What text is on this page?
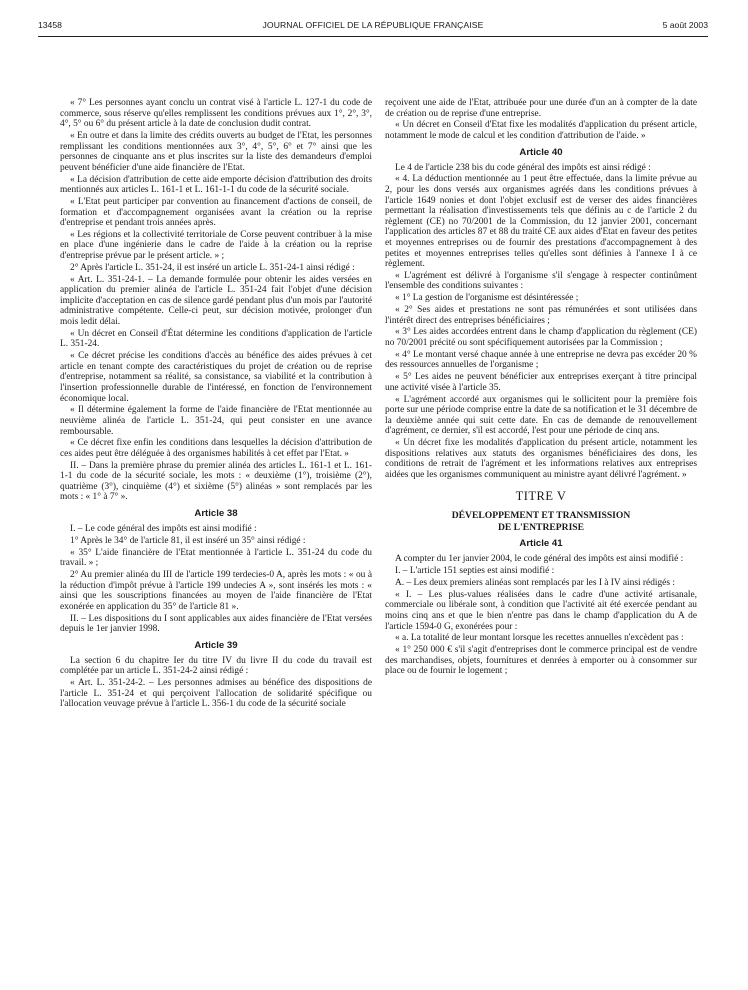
13458	JOURNAL OFFICIEL DE LA RÉPUBLIQUE FRANÇAISE	5 août 2003

« 7° Les personnes ayant conclu un contrat visé à l'article L. 127-1 du code de commerce, sous réserve qu'elles remplissent les conditions prévues aux 1°, 2°, 3°, 4°, 5° ou 6° du présent article à la date de conclusion dudit contrat.

« En outre et dans la limite des crédits ouverts au budget de l'Etat, les personnes remplissant les conditions mentionnées aux 3°, 4°, 5°, 6° et 7° ainsi que les personnes de cinquante ans et plus inscrites sur la liste des demandeurs d'emploi peuvent bénéficier d'une aide financière de l'Etat.

« La décision d'attribution de cette aide emporte décision d'attribution des droits mentionnés aux articles L. 161-1 et L. 161-1-1 du code de la sécurité sociale.

« L'Etat peut participer par convention au financement d'actions de conseil, de formation et d'accompagnement organisées avant la création ou la reprise d'entreprise et pendant trois années après.

« Les régions et la collectivité territoriale de Corse peuvent contribuer à la mise en place d'une ingénierie dans le cadre de l'aide à la création ou la reprise d'entreprise prévue par le présent article. » ;

2° Après l'article L. 351-24, il est inséré un article L. 351-24-1 ainsi rédigé :

« Art. L. 351-24-1. – La demande formulée pour obtenir les aides versées en application du premier alinéa de l'article L. 351-24 fait l'objet d'une décision implicite d'acceptation en cas de silence gardé pendant plus d'un mois par l'autorité administrative compétente. Celle-ci peut, sur décision motivée, prolonger d'un mois ledit délai.

« Un décret en Conseil d'État détermine les conditions d'application de l'article L. 351-24.

« Ce décret précise les conditions d'accès au bénéfice des aides prévues à cet article en tenant compte des caractéristiques du projet de création ou de reprise d'entreprise, notamment sa réalité, sa consistance, sa viabilité et la contribution à l'insertion professionnelle durable de l'intéressé, en fonction de l'environnement économique local.

« Il détermine également la forme de l'aide financière de l'Etat mentionnée au neuvième alinéa de l'article L. 351-24, qui peut consister en une avance remboursable.

« Ce décret fixe enfin les conditions dans lesquelles la décision d'attribution de ces aides peut être déléguée à des organismes habilités à cet effet par l'Etat. »

II. – Dans la première phrase du premier alinéa des articles L. 161-1 et L. 161-1-1 du code de la sécurité sociale, les mots : « deuxième (1°), troisième (2°), quatrième (3°), cinquième (4°) et sixième (5°) alinéas » sont remplacés par les mots : « 1° à 7° ».

Article 38

I. – Le code général des impôts est ainsi modifié :

1° Après le 34° de l'article 81, il est inséré un 35° ainsi rédigé :

« 35° L'aide financière de l'Etat mentionnée à l'article L. 351-24 du code du travail. » ;

2° Au premier alinéa du III de l'article 199 terdecies-0 A, après les mots : « ou à la réduction d'impôt prévue à l'article 199 undecies A », sont insérés les mots : « ainsi que les souscriptions financées au moyen de l'aide financière de l'Etat exonérée en application du 35° de l'article 81 ».

II. – Les dispositions du I sont applicables aux aides financière de l'Etat versées depuis le 1er janvier 1998.

Article 39

La section 6 du chapitre Ier du titre IV du livre II du code du travail est complétée par un article L. 351-24-2 ainsi rédigé :

« Art. L. 351-24-2. – Les personnes admises au bénéfice des dispositions de l'article L. 351-24 et qui perçoivent l'allocation de solidarité spécifique ou l'allocation veuvage prévue à l'article L. 356-1 du code de la sécurité sociale

reçoivent une aide de l'Etat, attribuée pour une durée d'un an à compter de la date de création ou de reprise d'une entreprise.

« Un décret en Conseil d'Etat fixe les modalités d'application du présent article, notamment le mode de calcul et les condition d'attribution de l'aide. »

Article 40

Le 4 de l'article 238 bis du code général des impôts est ainsi rédigé :

« 4. La déduction mentionnée au 1 peut être effectuée, dans la limite prévue au 2, pour les dons versés aux organismes agréés dans les conditions prévues à l'article 1649 nonies et dont l'objet exclusif est de verser des aides financières permettant la réalisation d'investissements tels que définis au c de l'article 2 du règlement (CE) no 70/2001 de la Commission, du 12 janvier 2001, concernant l'application des articles 87 et 88 du traité CE aux aides d'Etat en faveur des petites et moyennes entreprises ou de fournir des prestations d'accompagnement à des petites et moyennes entreprises telles qu'elles sont définies à l'annexe I à ce règlement.

« L'agrément est délivré à l'organisme s'il s'engage à respecter continûment l'ensemble des conditions suivantes :

« 1° La gestion de l'organisme est désintéressée ;

« 2° Ses aides et prestations ne sont pas rémunérées et sont utilisées dans l'intérêt direct des entreprises bénéficiaires ;

« 3° Les aides accordées entrent dans le champ d'application du règlement (CE) no 70/2001 précité ou sont spécifiquement autorisées par la Commission ;

« 4° Le montant versé chaque année à une entreprise ne devra pas excéder 20 % des ressources annuelles de l'organisme ;

« 5° Les aides ne peuvent bénéficier aux entreprises exerçant à titre principal une activité visée à l'article 35.

« L'agrément accordé aux organismes qui le sollicitent pour la première fois porte sur une période comprise entre la date de sa notification et le 31 décembre de la deuxième année qui suit cette date. En cas de demande de renouvellement d'agrément, ce dernier, s'il est accordé, l'est pour une période de cinq ans.

« Un décret fixe les modalités d'application du présent article, notamment les dispositions relatives aux statuts des organismes bénéficiaires des dons, les conditions de retrait de l'agrément et les informations relatives aux entreprises aidées que les organismes communiquent au ministre ayant délivré l'agrément. »

TITRE V
DÉVELOPPEMENT ET TRANSMISSION
DE L'ENTREPRISE
Article 41

A compter du 1er janvier 2004, le code général des impôts est ainsi modifié :

I. – L'article 151 septies est ainsi modifié :

A. – Les deux premiers alinéas sont remplacés par les I à IV ainsi rédigés :

« I. – Les plus-values réalisées dans le cadre d'une activité artisanale, commerciale ou libérale sont, à condition que l'activité ait été exercée pendant au moins cinq ans et que le bien n'entre pas dans le champ d'application du A de l'article 1594-0 G, exonérées pour :

« a. La totalité de leur montant lorsque les recettes annuelles n'excèdent pas :

« 1° 250 000 € s'il s'agit d'entreprises dont le commerce principal est de vendre des marchandises, objets, fournitures et denrées à emporter ou à consommer sur place ou de fournir le logement ;
